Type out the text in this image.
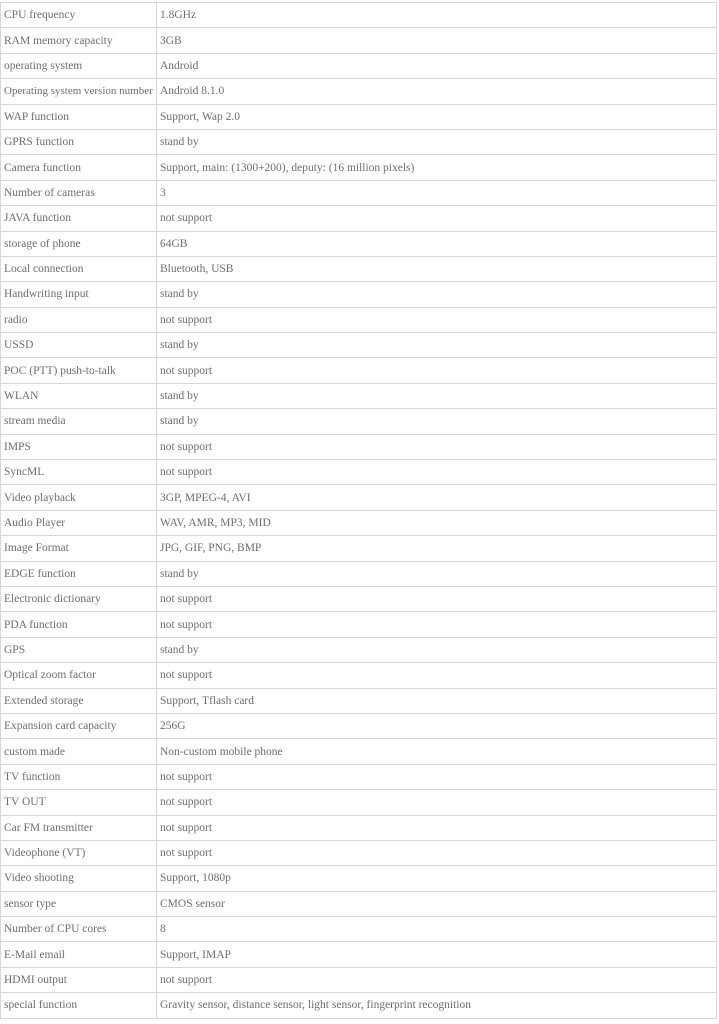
CPU frequency	1.8GHz
RAM memory capacity	3GB
operating system	Android
Operating system version number	Android 8.1.0
WAP function	Support, Wap 2.0
GPRS function	stand by
Camera function	Support, main: (1300+200), deputy: (16 million pixels)
Number of cameras	3
JAVA function	not support
storage of phone	64GB
Local connection	Bluetooth, USB
Handwriting input	stand by
radio	not support
USSD	stand by
POC (PTT) push-to-talk	not support
WLAN	stand by
stream media	stand by
IMPS	not support
SyncML	not support
Video playback	3GP, MPEG-4, AVI
Audio Player	WAV, AMR, MP3, MID
Image Format	JPG, GIF, PNG, BMP
EDGE function	stand by
Electronic dictionary	not support
PDA function	not support
GPS	stand by
Optical zoom factor	not support
Extended storage	Support, Tflash card
Expansion card capacity	256G
custom made	Non-custom mobile phone
TV function	not support
TV OUT	not support
Car FM transmitter	not support
Videophone (VT)	not support
Video shooting	Support, 1080p
sensor type	CMOS sensor
Number of CPU cores	8
E-Mail email	Support, IMAP
HDMI output	not support
special function	Gravity sensor, distance sensor, light sensor, fingerprint recognition
